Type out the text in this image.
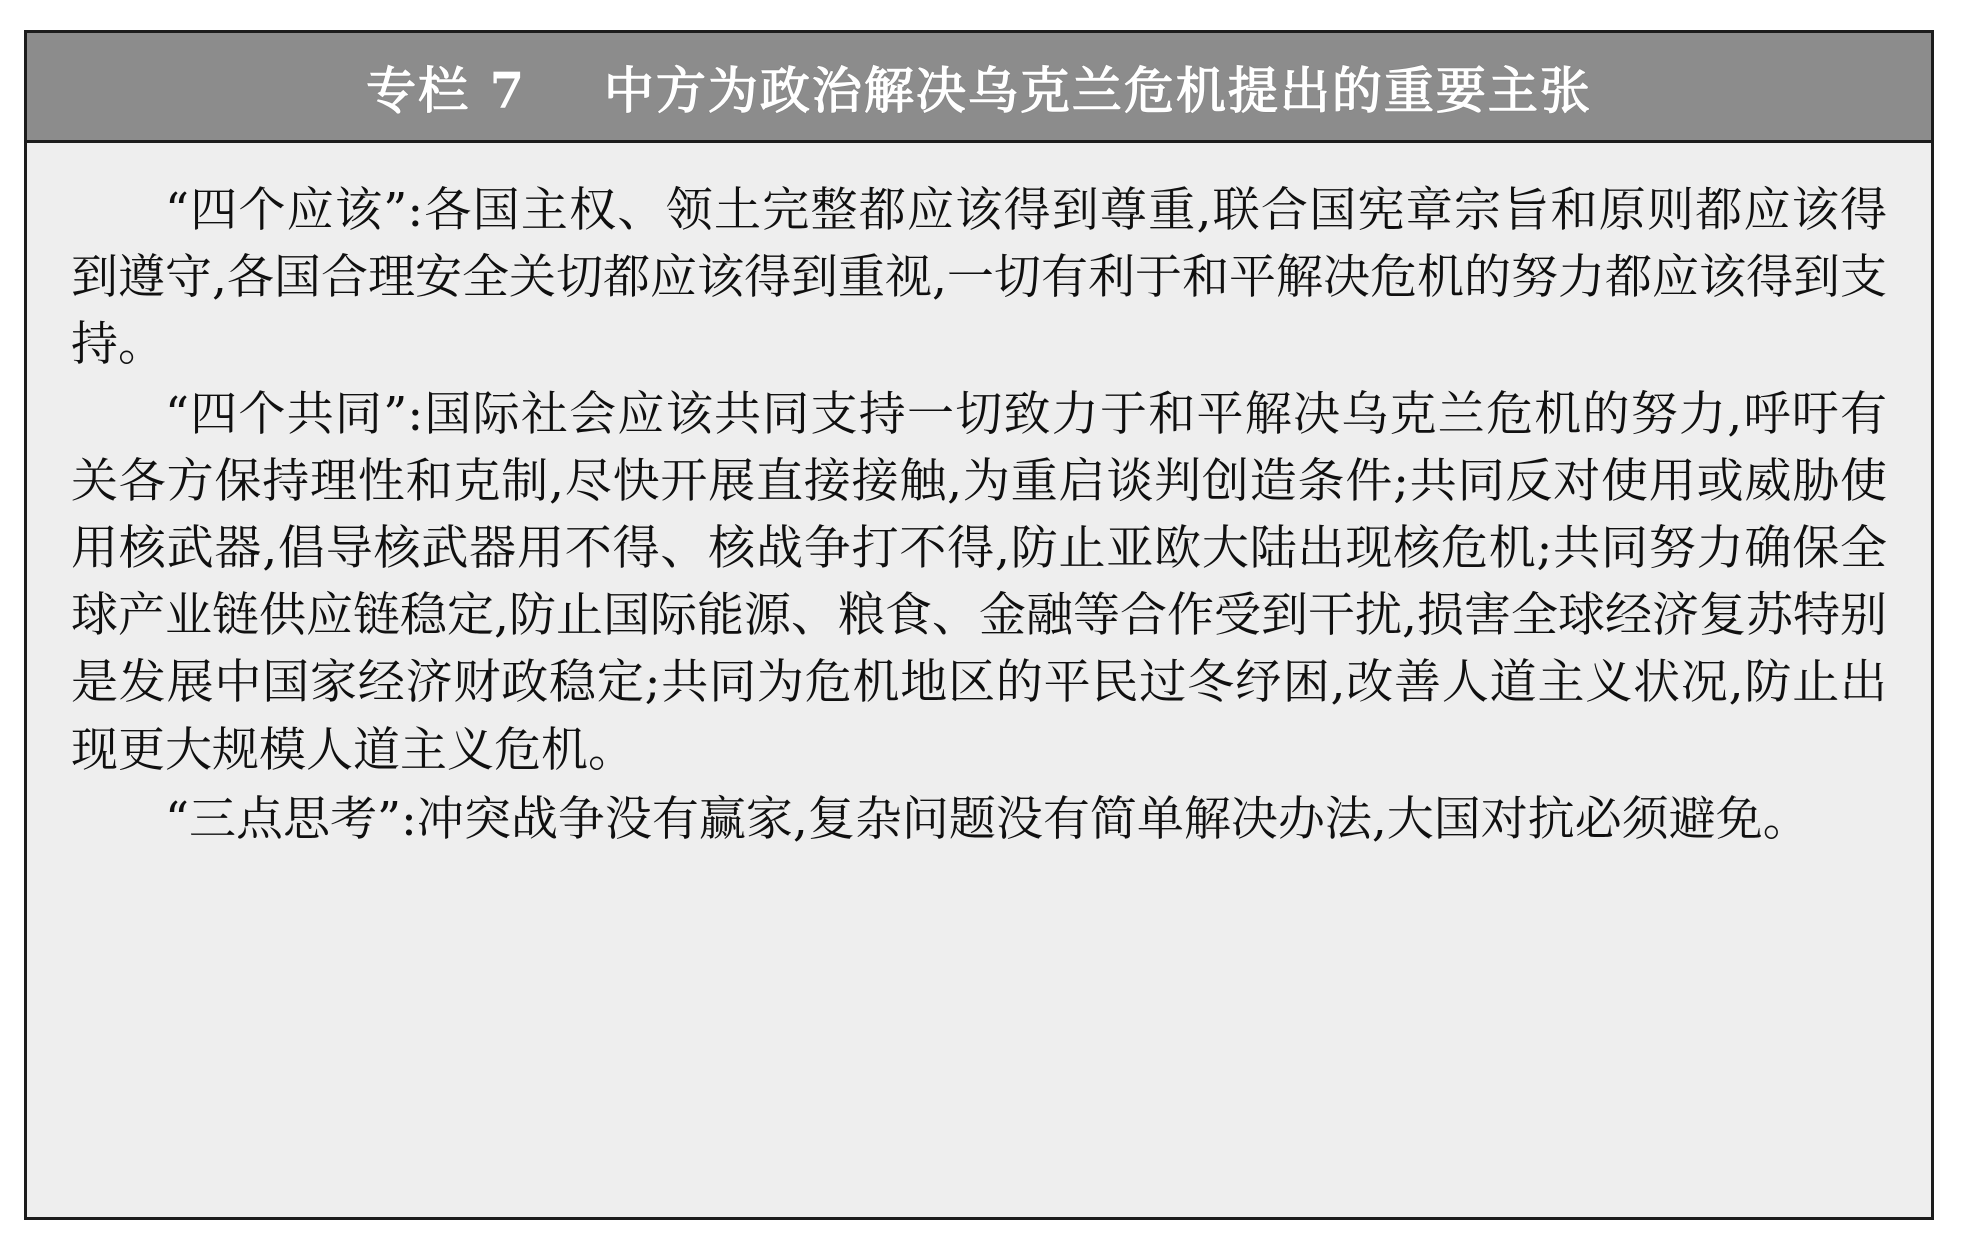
专栏 7    中方为政治解决乌克兰危机提出的重要主张

“四个应该”:各国主权、领土完整都应该得到尊重,联合国宪章宗旨和原则都应该得到遵守,各国合理安全关切都应该得到重视,一切有利于和平解决危机的努力都应该得到支持。

“四个共同”:国际社会应该共同支持一切致力于和平解决乌克兰危机的努力,呼吁有关各方保持理性和克制,尽快开展直接接触,为重启谈判创造条件;共同反对使用或威胁使用核武器,倡导核武器用不得、核战争打不得,防止亚欧大陆出现核危机;共同努力确保全球产业链供应链稳定,防止国际能源、粮食、金融等合作受到干扰,损害全球经济复苏特别是发展中国家经济财政稳定;共同为危机地区的平民过冬纾困,改善人道主义状况,防止出现更大规模人道主义危机。

“三点思考”:冲突战争没有赢家,复杂问题没有简单解决办法,大国对抗必须避免。
